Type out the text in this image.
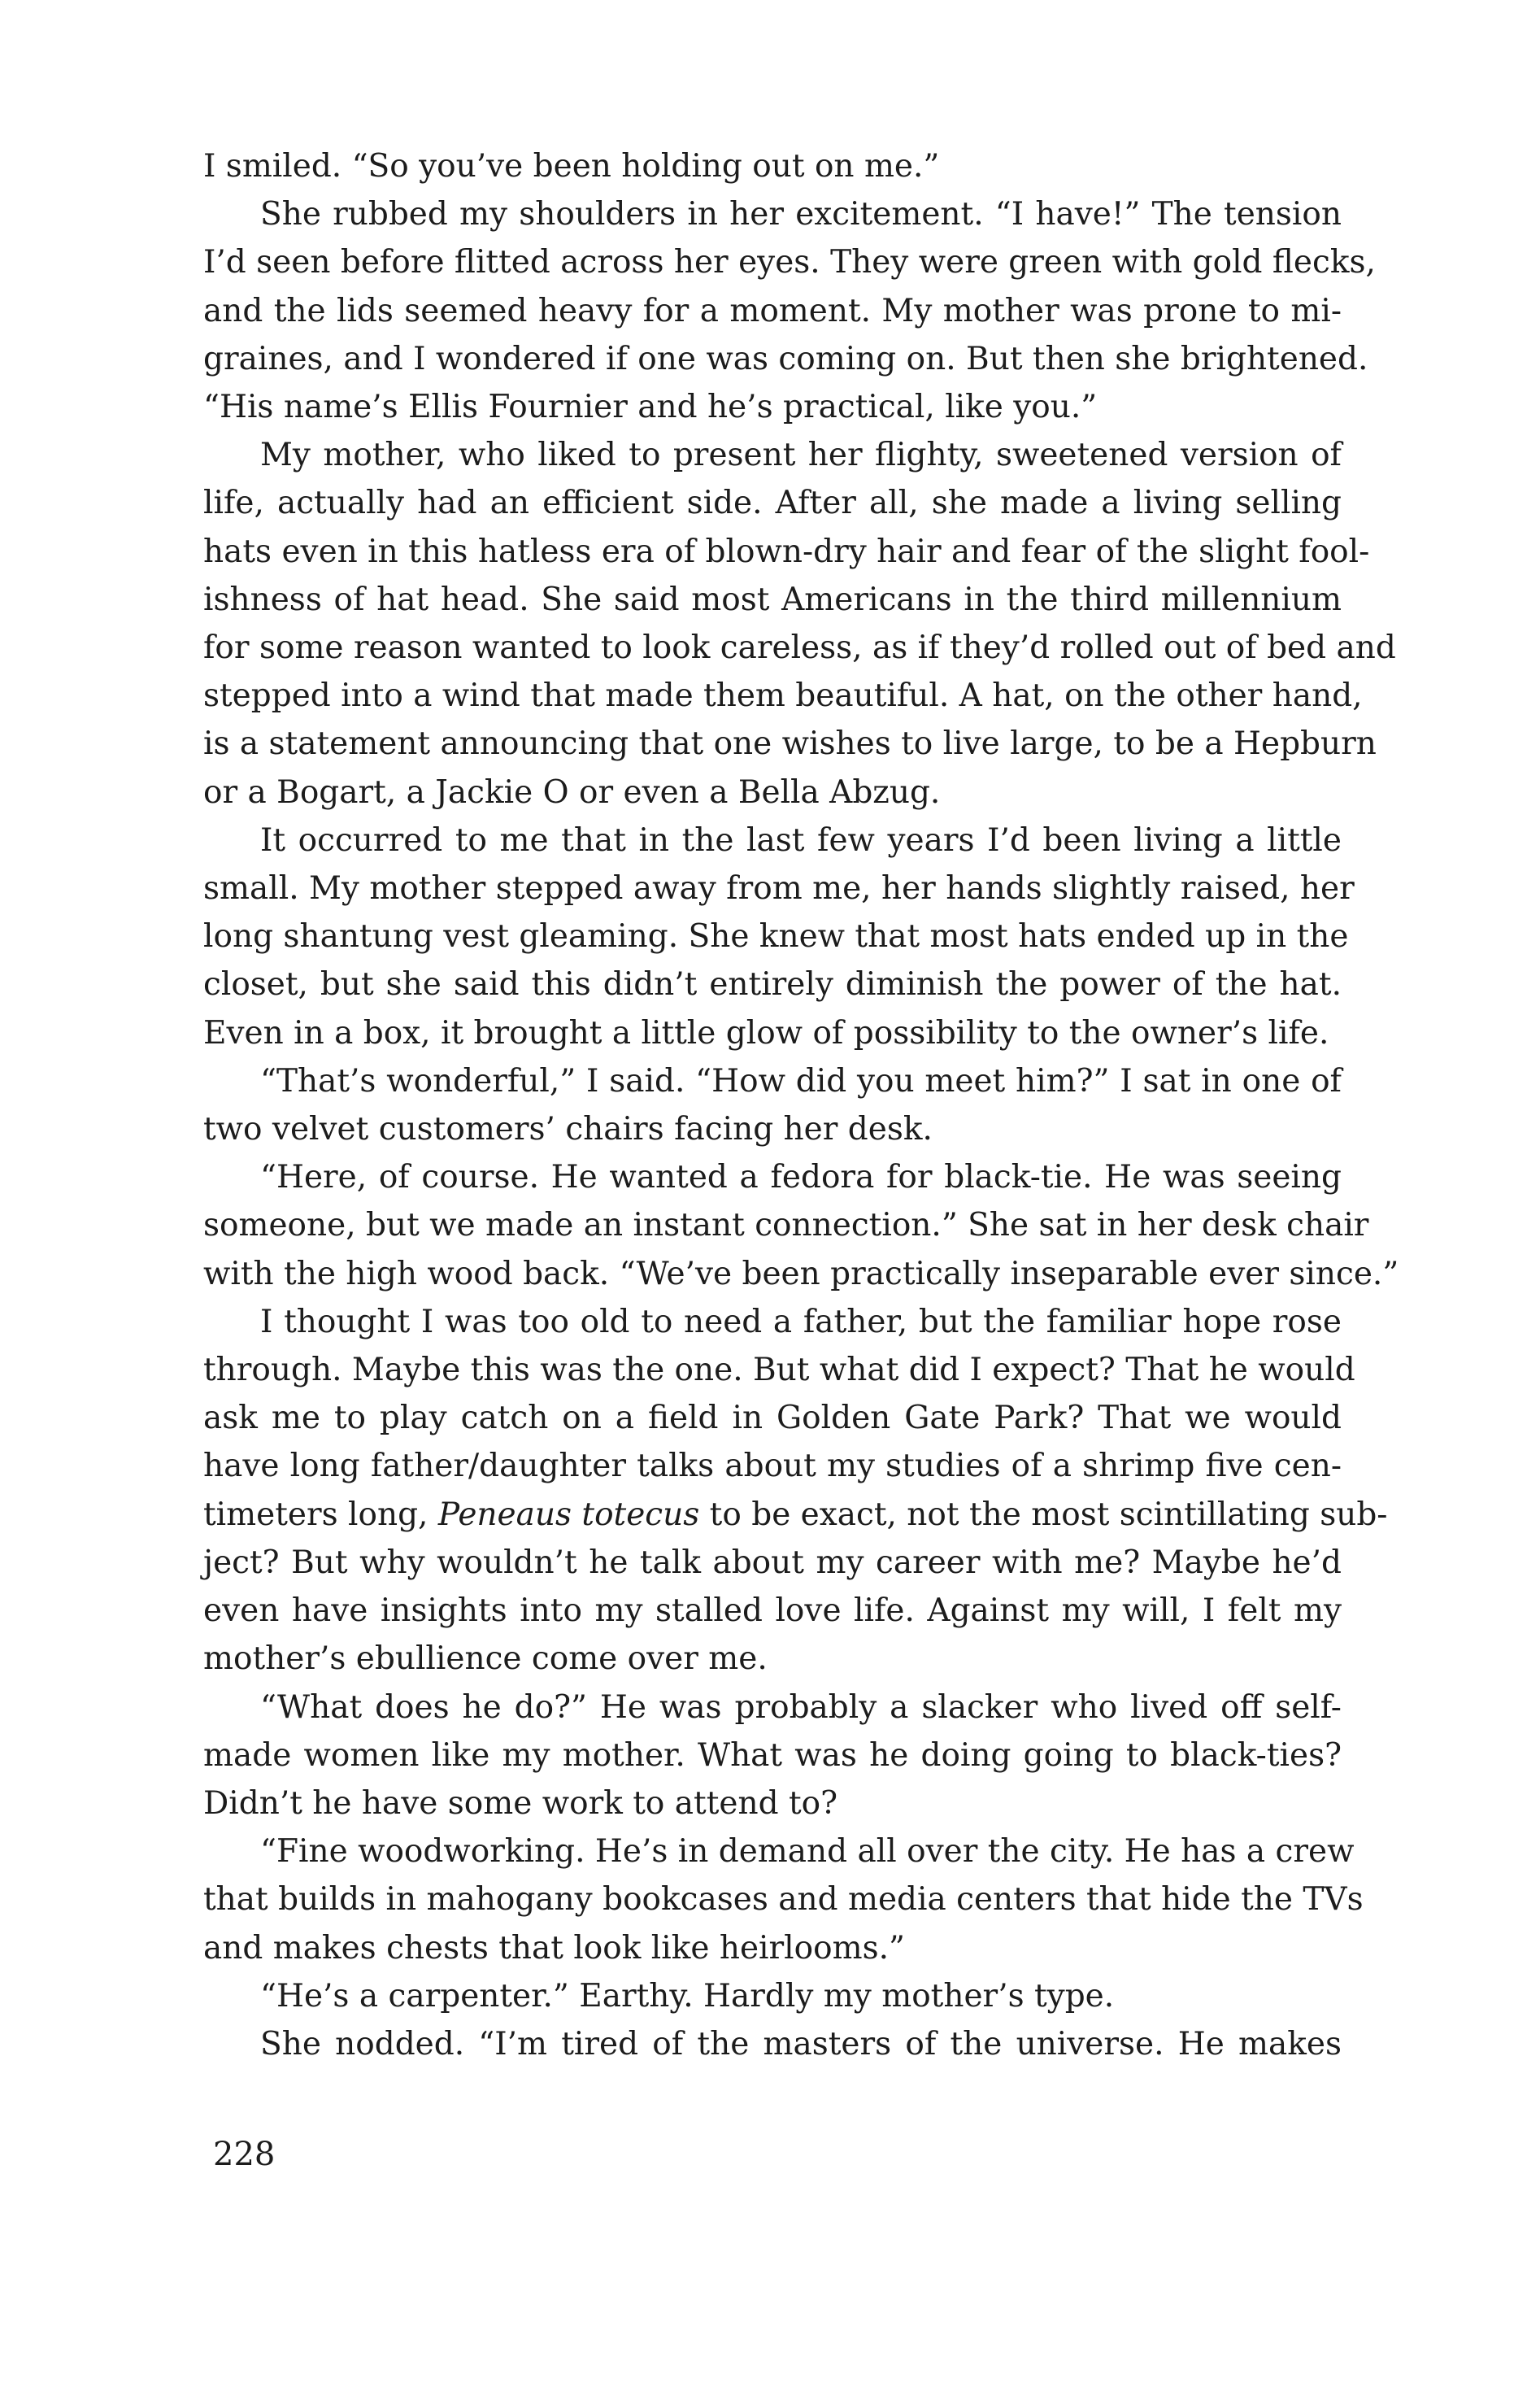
I smiled. “So you’ve been holding out on me.”
She rubbed my shoulders in her excitement. “I have!” The tension
I’d seen before flitted across her eyes. They were green with gold flecks,
and the lids seemed heavy for a moment. My mother was prone to mi-
graines, and I wondered if one was coming on. But then she brightened.
“His name’s Ellis Fournier and he’s practical, like you.”
My mother, who liked to present her flighty, sweetened version of
life, actually had an efficient side. After all, she made a living selling
hats even in this hatless era of blown-dry hair and fear of the slight fool-
ishness of hat head. She said most Americans in the third millennium
for some reason wanted to look careless, as if they’d rolled out of bed and
stepped into a wind that made them beautiful. A hat, on the other hand,
is a statement announcing that one wishes to live large, to be a Hepburn
or a Bogart, a Jackie O or even a Bella Abzug.
It occurred to me that in the last few years I’d been living a little
small. My mother stepped away from me, her hands slightly raised, her
long shantung vest gleaming. She knew that most hats ended up in the
closet, but she said this didn’t entirely diminish the power of the hat.
Even in a box, it brought a little glow of possibility to the owner’s life.
“That’s wonderful,” I said. “How did you meet him?” I sat in one of
two velvet customers’ chairs facing her desk.
“Here, of course. He wanted a fedora for black-tie. He was seeing
someone, but we made an instant connection.” She sat in her desk chair
with the high wood back. “We’ve been practically inseparable ever since.”
I thought I was too old to need a father, but the familiar hope rose
through. Maybe this was the one. But what did I expect? That he would
ask me to play catch on a field in Golden Gate Park? That we would
have long father/daughter talks about my studies of a shrimp five cen-
timeters long, Peneaus totecus to be exact, not the most scintillating sub-
ject? But why wouldn’t he talk about my career with me? Maybe he’d
even have insights into my stalled love life. Against my will, I felt my
mother’s ebullience come over me.
“What does he do?” He was probably a slacker who lived off self-
made women like my mother. What was he doing going to black-ties?
Didn’t he have some work to attend to?
“Fine woodworking. He’s in demand all over the city. He has a crew
that builds in mahogany bookcases and media centers that hide the TVs
and makes chests that look like heirlooms.”
“He’s a carpenter.” Earthy. Hardly my mother’s type.
She nodded. “I’m tired of the masters of the universe. He makes
228
